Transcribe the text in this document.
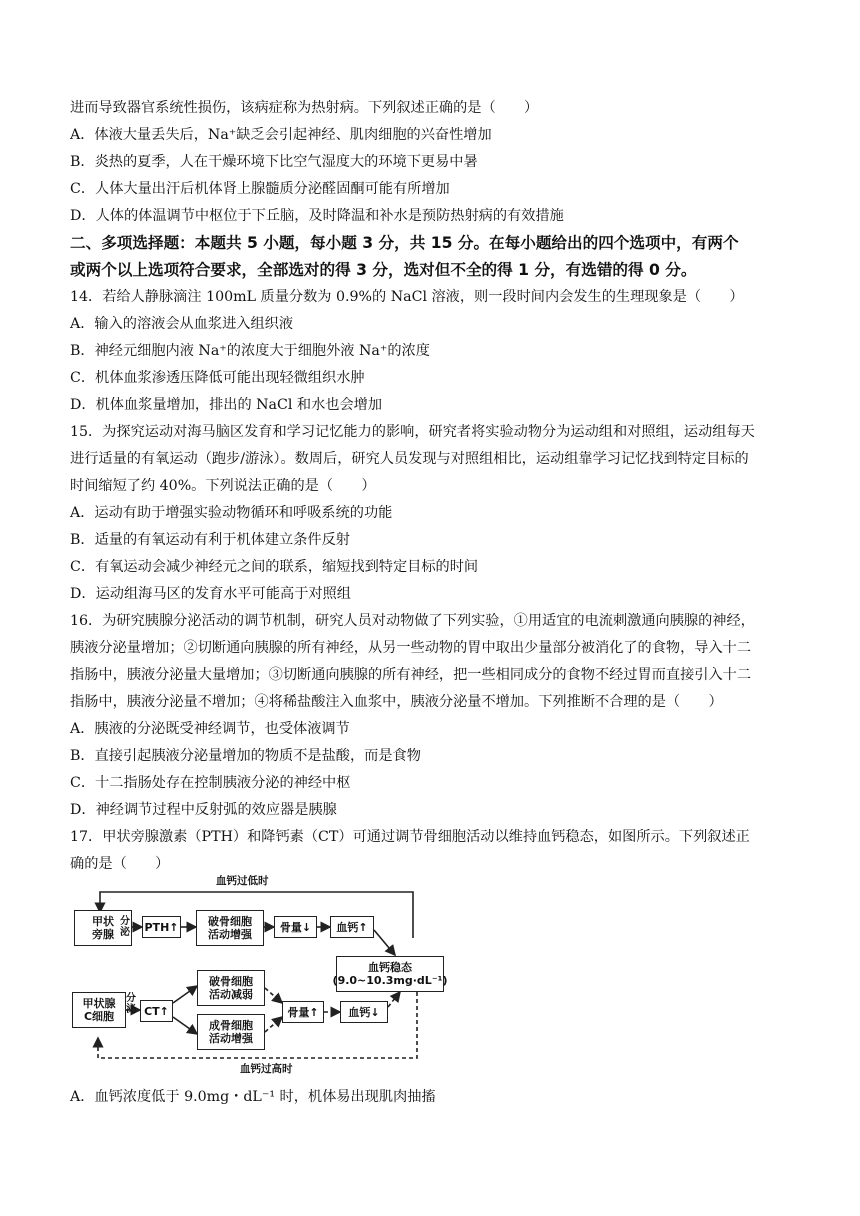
进而导致器官系统性损伤，该病症称为热射病。下列叙述正确的是（　　）
A．体液大量丢失后，Na⁺缺乏会引起神经、肌肉细胞的兴奋性增加
B．炎热的夏季，人在干燥环境下比空气湿度大的环境下更易中暑
C．人体大量出汗后机体肾上腺髓质分泌醛固酮可能有所增加
D．人体的体温调节中枢位于下丘脑，及时降温和补水是预防热射病的有效措施
二、多项选择题：本题共 5 小题，每小题 3 分，共 15 分。在每小题给出的四个选项中，有两个
或两个以上选项符合要求，全部选对的得 3 分，选对但不全的得 1 分，有选错的得 0 分。
14．若给人静脉滴注 100mL 质量分数为 0.9%的 NaCl 溶液，则一段时间内会发生的生理现象是（　　）
A．输入的溶液会从血浆进入组织液
B．神经元细胞内液 Na⁺的浓度大于细胞外液 Na⁺的浓度
C．机体血浆渗透压降低可能出现轻微组织水肿
D．机体血浆量增加，排出的 NaCl 和水也会增加
15．为探究运动对海马脑区发育和学习记忆能力的影响，研究者将实验动物分为运动组和对照组，运动组每天
进行适量的有氧运动（跑步/游泳）。数周后，研究人员发现与对照组相比，运动组靠学习记忆找到特定目标的
时间缩短了约 40%。下列说法正确的是（　　）
A．运动有助于增强实验动物循环和呼吸系统的功能
B．适量的有氧运动有利于机体建立条件反射
C．有氧运动会减少神经元之间的联系，缩短找到特定目标的时间
D．运动组海马区的发育水平可能高于对照组
16．为研究胰腺分泌活动的调节机制，研究人员对动物做了下列实验，①用适宜的电流刺激通向胰腺的神经，
胰液分泌量增加；②切断通向胰腺的所有神经，从另一些动物的胃中取出少量部分被消化了的食物，导入十二
指肠中，胰液分泌量大量增加；③切断通向胰腺的所有神经，把一些相同成分的食物不经过胃而直接引入十二
指肠中，胰液分泌量不增加；④将稀盐酸注入血浆中，胰液分泌量不增加。下列推断不合理的是（　　）
A．胰液的分泌既受神经调节，也受体液调节
B．直接引起胰液分泌量增加的物质不是盐酸，而是食物
C．十二指肠处存在控制胰液分泌的神经中枢
D．神经调节过程中反射弧的效应器是胰腺
17．甲状旁腺激素（PTH）和降钙素（CT）可通过调节骨细胞活动以维持血钙稳态，如图所示。下列叙述正
确的是（　　）
血钙过低时
甲状
旁腺
分
泌 PTH↑	破骨细胞
活动增强
骨量↓	血钙↑
血钙稳态
(9.0~10.3mg·dL⁻¹)
甲状腺
C细胞
分
泌 CT↑
破骨细胞
活动减弱
成骨细胞
活动增强
骨量↑	血钙↓
血钙过高时
A．血钙浓度低于 9.0mg・dL⁻¹ 时，机体易出现肌肉抽搐
